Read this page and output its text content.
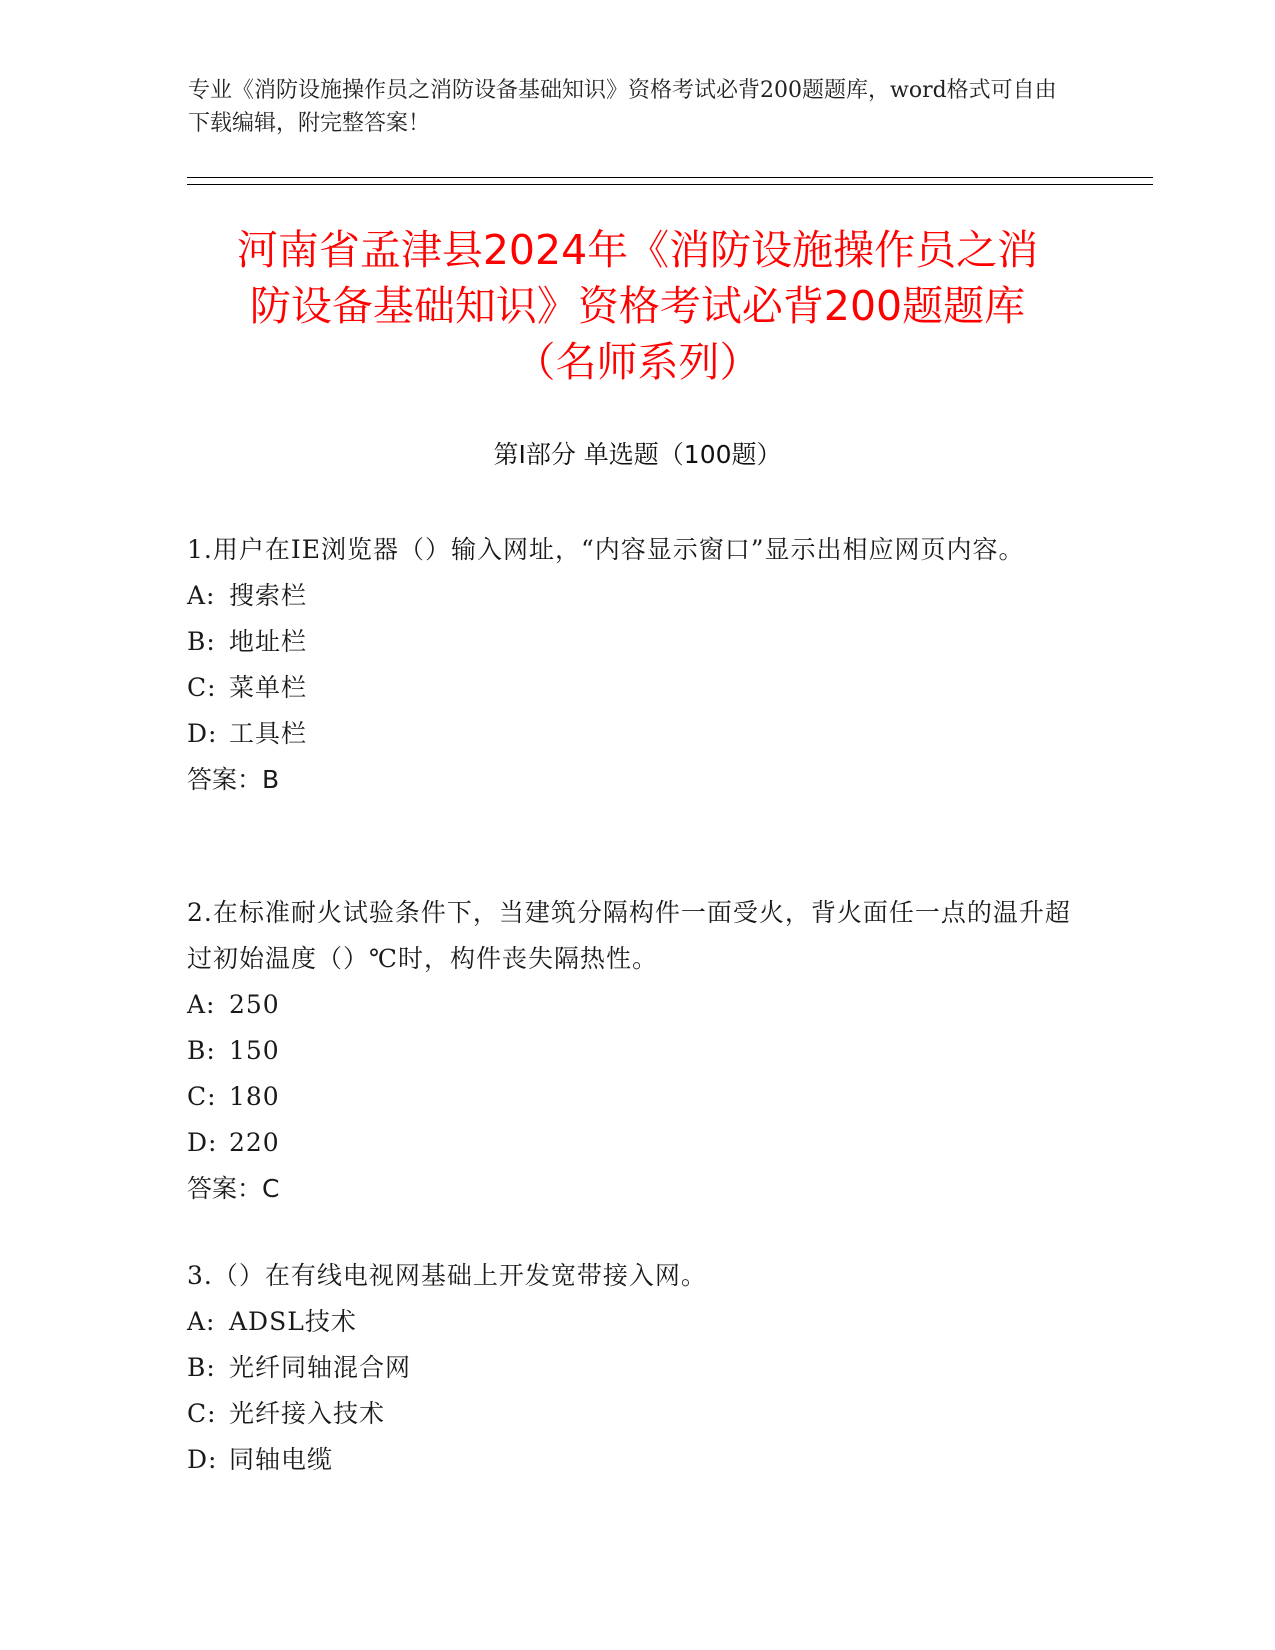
专业《消防设施操作员之消防设备基础知识》资格考试必背200题题库，word格式可自由下载编辑，附完整答案！
河南省孟津县2024年《消防设施操作员之消
防设备基础知识》资格考试必背200题题库
（名师系列）
第Ⅰ部分 单选题（100题）
1.用户在IE浏览器（）输入网址，“内容显示窗口”显示出相应网页内容。
A: 搜索栏
B: 地址栏
C: 菜单栏
D: 工具栏
答案：B
2.在标准耐火试验条件下，当建筑分隔构件一面受火，背火面任一点的温升超过初始温度（）℃时，构件丧失隔热性。
A: 250
B: 150
C: 180
D: 220
答案：C
3.（）在有线电视网基础上开发宽带接入网。
A: ADSL技术
B: 光纤同轴混合网
C: 光纤接入技术
D: 同轴电缆
